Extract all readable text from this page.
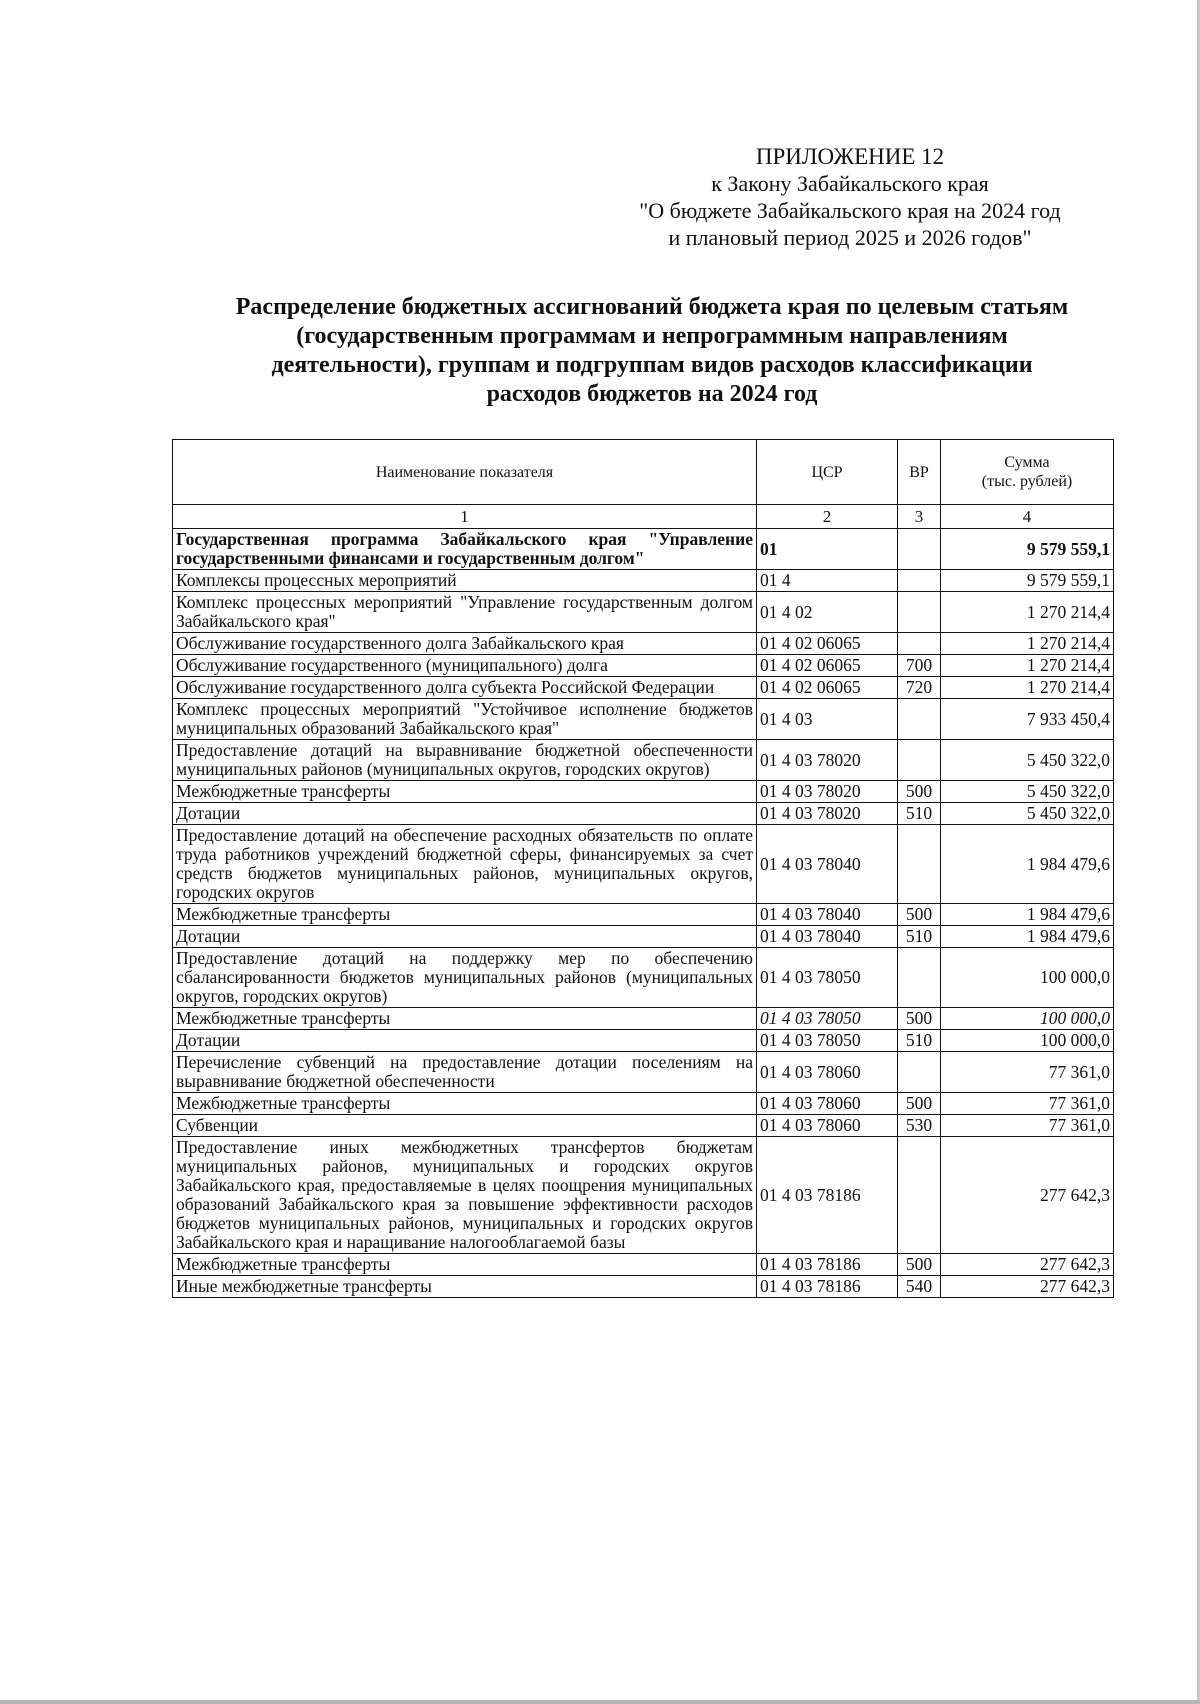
ПРИЛОЖЕНИЕ 12
к Закону Забайкальского края
"О бюджете Забайкальского края на 2024 год
и плановый период 2025 и 2026 годов"
Распределение бюджетных ассигнований бюджета края по целевым статьям
(государственным программам и непрограммным направлениям
деятельности), группам и подгруппам видов расходов классификации
расходов бюджетов на 2024 год
Наименование показателя	ЦСР	ВР	Сумма
(тыс. рублей)

1	2	3	4
Государственная программа Забайкальского края "Управление государственными финансами и государственным долгом"	01		9 579 559,1
Комплексы процессных мероприятий	01 4		9 579 559,1
Комплекс процессных мероприятий "Управление государственным долгом Забайкальского края"	01 4 02		1 270 214,4
Обслуживание государственного долга Забайкальского края	01 4 02 06065		1 270 214,4
Обслуживание государственного (муниципального) долга	01 4 02 06065	700	1 270 214,4
Обслуживание государственного долга субъекта Российской Федерации	01 4 02 06065	720	1 270 214,4
Комплекс процессных мероприятий "Устойчивое исполнение бюджетов муниципальных образований Забайкальского края"	01 4 03		7 933 450,4
Предоставление дотаций на выравнивание бюджетной обеспеченности муниципальных районов (муниципальных округов, городских округов)	01 4 03 78020		5 450 322,0
Межбюджетные трансферты	01 4 03 78020	500	5 450 322,0
Дотации	01 4 03 78020	510	5 450 322,0
Предоставление дотаций на обеспечение расходных обязательств по оплате труда работников учреждений бюджетной сферы, финансируемых за счет средств бюджетов муниципальных районов, муниципальных округов, городских округов	01 4 03 78040		1 984 479,6
Межбюджетные трансферты	01 4 03 78040	500	1 984 479,6
Дотации	01 4 03 78040	510	1 984 479,6
Предоставление дотаций на поддержку мер по обеспечению сбалансированности бюджетов муниципальных районов (муниципальных округов, городских округов)	01 4 03 78050		100 000,0
Межбюджетные трансферты	01 4 03 78050	500	100 000,0
Дотации	01 4 03 78050	510	100 000,0
Перечисление субвенций на предоставление дотации поселениям на выравнивание бюджетной обеспеченности	01 4 03 78060		77 361,0
Межбюджетные трансферты	01 4 03 78060	500	77 361,0
Субвенции	01 4 03 78060	530	77 361,0
Предоставление иных межбюджетных трансфертов бюджетам муниципальных районов, муниципальных и городских округов Забайкальского края, предоставляемые в целях поощрения муниципальных образований Забайкальского края за повышение эффективности расходов бюджетов муниципальных районов, муниципальных и городских округов Забайкальского края и наращивание налогооблагаемой базы	01 4 03 78186		277 642,3
Межбюджетные трансферты	01 4 03 78186	500	277 642,3
Иные межбюджетные трансферты	01 4 03 78186	540	277 642,3
